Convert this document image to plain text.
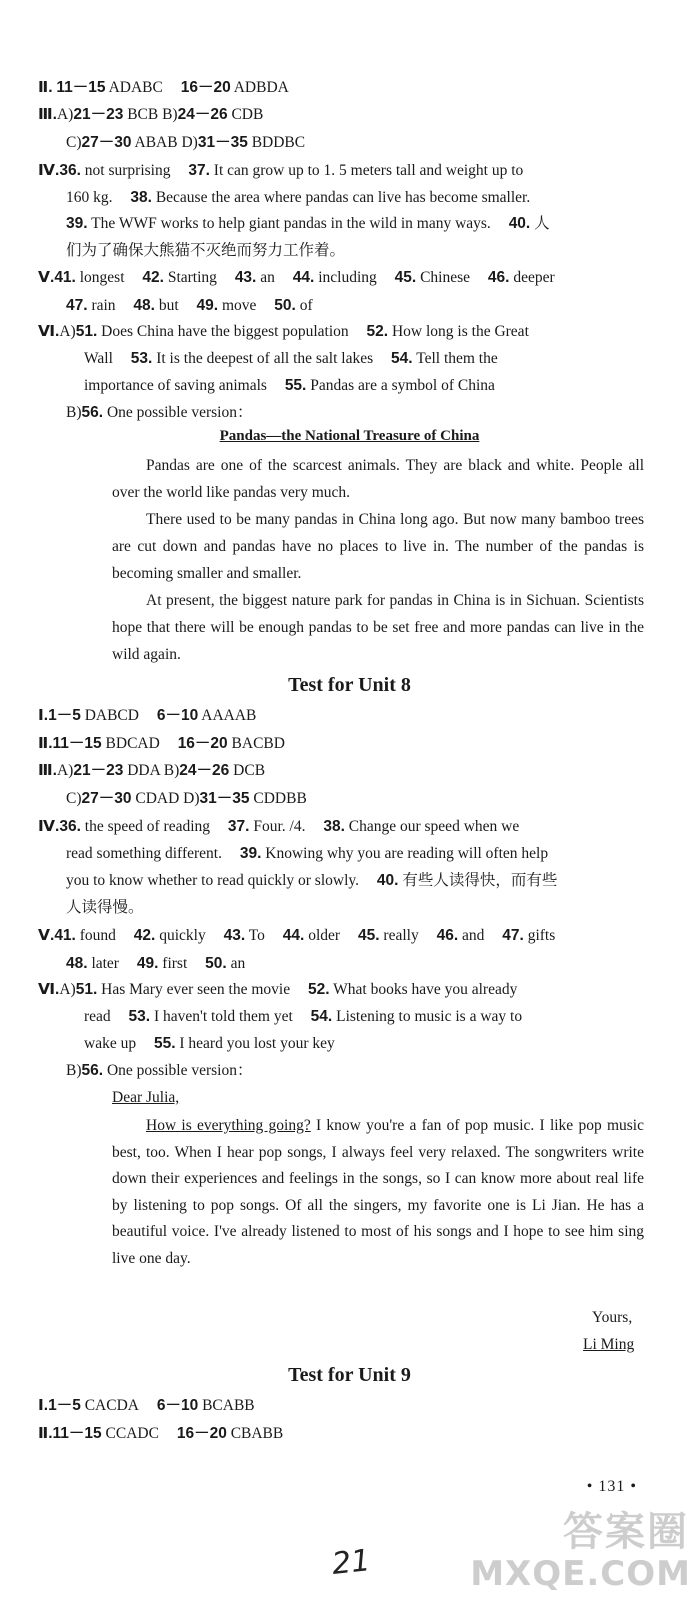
Ⅱ. 11－15 ADABC 16－20 ADBDA
Ⅲ.A)21－23 BCB B)24－26 CDB
C)27－30 ABAB D)31－35 BDDBC
Ⅳ.36. not surprising 37. It can grow up to 1. 5 meters tall and weight up to
160 kg. 38. Because the area where pandas can live has become smaller.
39. The WWF works to help giant pandas in the wild in many ways. 40. 人
们为了确保大熊猫不灭绝而努力工作着。
Ⅴ.41. longest 42. Starting 43. an 44. including 45. Chinese 46. deeper
47. rain 48. but 49. move 50. of
Ⅵ.A)51. Does China have the biggest population 52. How long is the Great
Wall 53. It is the deepest of all the salt lakes 54. Tell them the
importance of saving animals 55. Pandas are a symbol of China
B)56. One possible version：
Pandas—the National Treasure of China
Pandas are one of the scarcest animals. They are black and white. People all over the world like pandas very much.
There used to be many pandas in China long ago. But now many bamboo trees are cut down and pandas have no places to live in. The number of the pandas is becoming smaller and smaller.
At present, the biggest nature park for pandas in China is in Sichuan. Scientists hope that there will be enough pandas to be set free and more pandas can live in the wild again.
Test for Unit 8
Ⅰ.1－5 DABCD 6－10 AAAAB
Ⅱ.11－15 BDCAD 16－20 BACBD
Ⅲ.A)21－23 DDA B)24－26 DCB
C)27－30 CDAD D)31－35 CDDBB
Ⅳ.36. the speed of reading 37. Four. /4. 38. Change our speed when we
read something different. 39. Knowing why you are reading will often help
you to know whether to read quickly or slowly. 40. 有些人读得快，而有些
人读得慢。
Ⅴ.41. found 42. quickly 43. To 44. older 45. really 46. and 47. gifts
48. later 49. first 50. an
Ⅵ.A)51. Has Mary ever seen the movie 52. What books have you already
read 53. I haven't told them yet 54. Listening to music is a way to
wake up 55. I heard you lost your key
B)56. One possible version：
Dear Julia,
How is everything going? I know you're a fan of pop music. I like pop music best, too. When I hear pop songs, I always feel very relaxed. The songwriters write down their experiences and feelings in the songs, so I can know more about real life by listening to pop songs. Of all the singers, my favorite one is Li Jian. He has a beautiful voice. I've already listened to most of his songs and I hope to see him sing live one day.
Yours,
Li Ming
Test for Unit 9
Ⅰ.1－5 CACDA 6－10 BCABB
Ⅱ.11－15 CCADC 16－20 CBABB
• 131 •
21
答案圈
MXQE.COM
